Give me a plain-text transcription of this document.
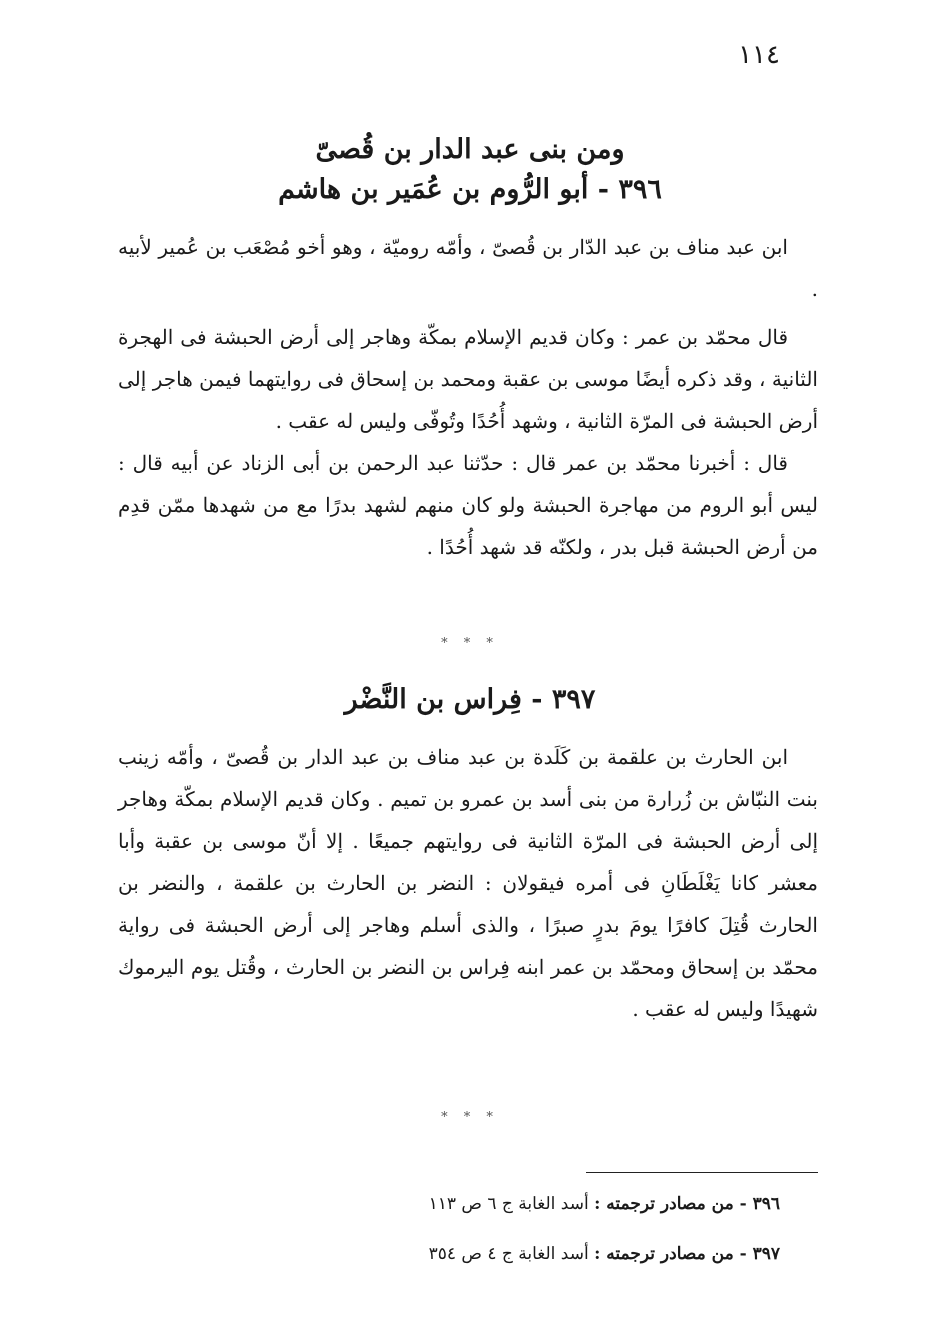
١١٤
ومن بنى عبد الدار بن قُصىّ
٣٩٦ - أبو الرُّوم بن عُمَير بن هاشم

ابن عبد مناف بن عبد الدّار بن قُصىّ ، وأمّه روميّة ، وهو أخو مُصْعَب بن عُمير لأبيه .

قال محمّد بن عمر : وكان قديم الإسلام بمكّة وهاجر إلى أرض الحبشة فى الهجرة الثانية ، وقد ذكره أيضًا موسى بن عقبة ومحمد بن إسحاق فى روايتهما فيمن هاجر إلى أرض الحبشة فى المرّة الثانية ، وشهد أُحُدًا وتُوفّى وليس له عقب .

قال : أخبرنا محمّد بن عمر قال : حدّثنا عبد الرحمن بن أبى الزناد عن أبيه قال : ليس أبو الروم من مهاجرة الحبشة ولو كان منهم لشهد بدرًا مع من شهدها ممّن قدِم من أرض الحبشة قبل بدر ، ولكنّه قد شهد أُحُدًا .

* * *
٣٩٧ - فِراس بن النَّضْر

ابن الحارث بن علقمة بن كَلَدة بن عبد مناف بن عبد الدار بن قُصىّ ، وأمّه زينب بنت النبّاش بن زُرارة من بنى أسد بن عمرو بن تميم . وكان قديم الإسلام بمكّة وهاجر إلى أرض الحبشة فى المرّة الثانية فى روايتهم جميعًا . إلا أنّ موسى بن عقبة وأبا معشر كانا يَغْلَطَانِ فى أمره فيقولان : النضر بن الحارث بن علقمة ، والنضر بن الحارث قُتِلَ كافرًا يومَ بدرٍ صبرًا ، والذى أسلم وهاجر إلى أرض الحبشة فى رواية محمّد بن إسحاق ومحمّد بن عمر ابنه فِراس بن النضر بن الحارث ، وقُتل يوم اليرموك شهيدًا وليس له عقب .

* * *
٣٩٦ - من مصادر ترجمته : أسد الغابة ج ٦ ص ١١٣
٣٩٧ - من مصادر ترجمته : أسد الغابة ج ٤ ص ٣٥٤
